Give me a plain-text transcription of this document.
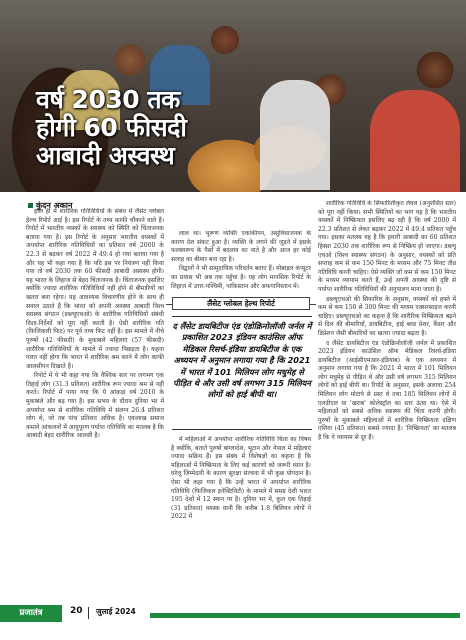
वर्ष 2030 तक
होगी 60 फीसदी
आबादी अस्वस्थ
कुंदन अकान

हाल ही में शारीरिक गतिविधियों के संबंध में लैंसेट ग्लोबल हेल्थ रिपोर्ट आई है। इस रिपोर्ट के तथ्य काफी चौंकाने वाले हैं। रिपोर्ट में भारतीय व्यस्कों के स्वास्थ्य को स्थिति को चिंताजनक बताया गया है। इस रिपोर्ट के अनुसार भारतीय वयस्कों में अपर्याप्त शारीरिक गतिविधियों का प्रतिशत वर्ष 2000 के 22.3 से बढ़कर वर्ष 2022 में 49.4 हो गया बताया गया है और यह भी कहा गया है कि यदि इस पर नियंत्रण नहीं किया गया तो वर्ष 2030 तक 60 फीसदी आबादी अस्वस्थ होगी। यह भारत के लिहाज से बेहद चिंताजनक है। चिंताजनक इसलिए क्योंकि ज्यादा शारीरिक गतिविधियाँ नहीं होने से बीमारियों का खतरा बना रहेगा। यह आवश्यक विचारणीय होने के साथ ही सवाल उठाते हैं कि भारत को अपनी अवस्था आबादी विश्व स्वास्थ्य संगठन (डब्ल्यूएचओ) के शारीरिक गतिविधियों संबंधी दिशा-निर्देशों को पूरा नहीं करती है। ऐसी शारीरिक गति (फिजिकली फिट) पर पूर्व तथ्य फिट नहीं है। इस मामले में नीचे पुरुषों (42 फीसदी) के मुकाबले महिलाएं (57 फीसदी) शारीरिक गतिविधियों के मामले में ज्यादा पिछड़ता है। कहना गलत नहीं होगा कि भारत में शारीरिक श्रम करने में लोग काफी आलसीपन दिखाते हैं।

रिपोर्ट में ये भी कहा गया कि वैश्विक स्तर पर लगभग एक तिहाई लोग (31.3 प्रतिशत) शारीरिक रूप ज्यादा श्रम से नहीं करते। रिपोर्ट में पाया गया कि ये आंकड़ा वर्ष 2010 के मुकाबले और बढ़ गया है। इस सभय के दौरान दुनिया भर में अपर्याप्त श्रम से शारीरिक गतिविधि में संलग्न 26.4 प्रतिशत लोग थे, जो तब पांच प्रतिशत अधिक है। एकलाख समाज कमाने आंकलनों में आयुपूरण पर्याप्त गतिविधि का मतलब है कि आबादी बेहद शारीरिक आलसी है।

लाल था। भूरूण व्यक्ति एकाकीपन, असुविधाजनक के कारण देश संकट हुआ है। व्यक्ति के लगने की जुड़ने में इसके फलस्वरूप के पैसों में बदलाव का नाते है और आज हर कोई सलाह का बीमार बना रहा है।

विद्वानों ने भी सामुदायिक परिवर्तन बताए हैं। मोबाइल कंप्यूटर का प्रयास भी अब तक पहुँचा है। यह लोग मानसिक रिपोर्ट के लिहाज में उत्तर-पश्चिमी, पाकिस्तान और अफगानिस्तान में।

लैंसेट ग्लोबल हेल्थ रिपोर्ट
द लैंसेट डायबिटीज एंड एंडोक्रिनोलॉजी जर्नल में प्रकाशित 2023 इंडियन काउंसिल ऑफ मेडिकल रिसर्च-इंडिया डायबिटीज के एक अध्ययन में अनुमान लगाया गया है कि 2021 में भारत में 101 मिलियन लोग मधुमेह से पीड़ित थे और उसी वर्ष लगभग 315 मिलियन लोगों को हाई बीपी था।

में महिलाओं में अपर्याप्त शारीरिक गतिविधि चिंता का विषय है क्योंकि, बताते पुरुषों बांग्लादेश, भूटान और नेपाल में महिलाएं ज्यादा सक्रिय हैं। इस संबंध में विशेषज्ञों का कहना है कि महिलाओं में निष्क्रियता के लिए कई कारणों को जरूरी ध्यान है। घरेलू जिम्मेदारी के कारण सुरक्षा संरचना में भी कुछ योगदान है। ऐसा भी कहा गया है कि उन्हें भारत में अपर्याप्त शारीरिक गतिविधि (फिजिकल इनेक्टिविटी) के मामले में समग्र देशी भारत 195 देशों में 12 स्थान पर है। दुनिया भर में, कुल एक तिहाई (31 प्रतिशत) वयस्क यानी कि करीब 1.8 बिलियन लोगों ने 2022 में

शारीरिक गतिविधि के सिफारिशीकृत लेवल (अनुशंसित स्तर) को पूरा नहीं किया। सभी स्थितियों का भाग यह है कि भारतीय वयस्कों में निष्क्रियता इसलिए बढ़ रही है कि वर्ष 2000 में 22.3 प्रतिशत से लेकर बढ़कर 2022 में 49.4 प्रतिशत पहुँच गया। इसका मतलब यह है कि हमारी आबादी का 60 प्रतिशत हिस्सा 2030 तक शारीरिक रूप से निष्क्रिय हो जाएगा। डब्ल्यू एचओ (विश्व स्वास्थ्य संगठन) के अनुसार, वयस्कों को प्रति सप्ताह कम से कम 150 मिनट के मध्यम और 75 मिनट तीव्र गतिविधि करनी चाहिए। ऐसे व्यक्ति जो कम से कम 150 मिनट के मध्यम व्यायाम करते हैं, उन्हें अपनी अवस्था की दृष्टि से पर्याप्त शारीरिक गतिविधियों की अनुपालन माना जाता है।

डब्ल्यूएचओ की सिफारिश के अनुसार, वयस्कों को हफ्ते में कम से कम 150 से 300 मिनट की मध्यम एक्सरसाइज करनी चाहिए। डब्ल्यूएचओ का कहना है कि शारीरिक निष्क्रियता बढ़ने से दिल की बीमारियाँ, डायबिटीज, हाई ब्लड प्रेशर, कैंसर और डिप्रेशन जैसी बीमारियों का खतरा ज्यादा बढ़ता है।

द लैंसेट डायबिटीज एंड एंडोक्रिनोलॉजी जर्नल में प्रकाशित 2023 इंडियन काउंसिल ऑफ मेडिकल रिसर्च-इंडिया डायबिटीज (आईसीएमआर-इंडियाब) के एक अध्ययन में अनुमान लगाया गया है कि 2021 में भारत में 101 मिलियन लोग मधुमेह से पीड़ित थे और उसी वर्ष लगभग 315 मिलियन लोगों को हाई बीपी था। रिपोर्ट के अनुसार, इसके अलावा 254 मिलियन लोग मोटापे से ग्रस्त थे तथा 185 मिलियन लोगों में एलडीएल या 'खराब' कोलेस्ट्रॉल का स्तर ऊंचा था। ऐसे में महिलाओं को सबसे अधिक स्वास्थ्य की चिंता करनी होगी। पुरुषों के मुकाबले महिलाओं में शारीरिक निष्क्रियता दक्षिण एशिया (45 प्रतिशत) सबसे ज्यादा है। 'निष्क्रियता' का मतलब है कि वे व्यायाम से दूर हैं।

प्रजातंत्र	20 जुलाई 2024
